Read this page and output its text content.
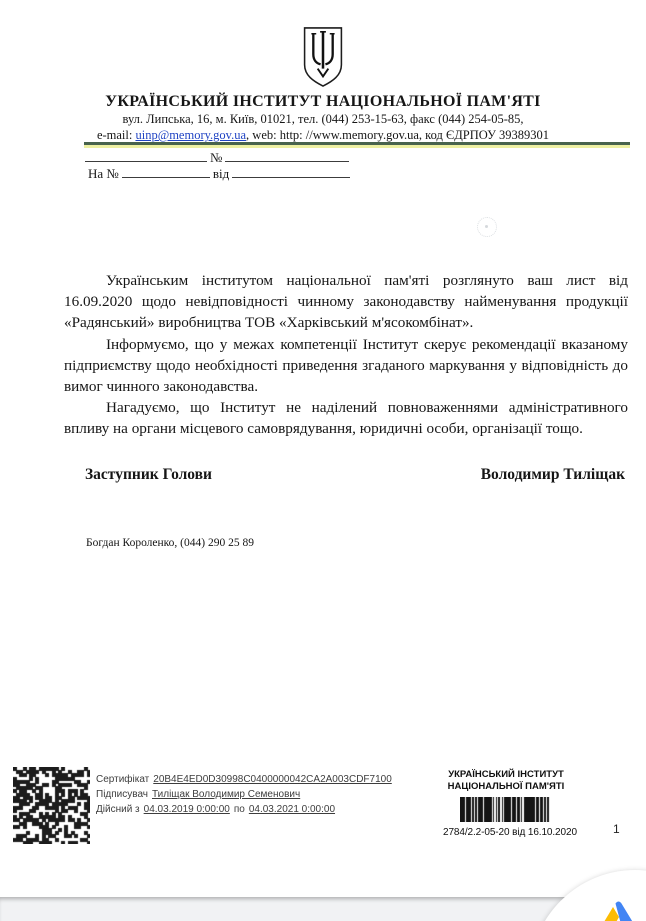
УКРАЇНСЬКИЙ ІНСТИТУТ НАЦІОНАЛЬНОЇ ПАМ'ЯТІ

вул. Липська, 16, м. Київ, 01021, тел. (044) 253-15-63, факс (044) 254-05-85,

e-mail: uinp@memory.gov.ua, web: http: //www.memory.gov.ua, код ЄДРПОУ 39389301

№
На №	від

Українським інститутом національної пам'яті розглянуто ваш лист від 16.09.2020 щодо невідповідності чинному законодавству найменування продукції «Радянський» виробництва ТОВ «Харківський м'ясокомбінат».

Інформуємо, що у межах компетенції Інститут скерує рекомендації вказаному підприємству щодо необхідності приведення згаданого маркування у відповідність до вимог чинного законодавства.

Нагадуємо, що Інститут не наділений повноваженнями адміністративного впливу на органи місцевого самоврядування, юридичні особи, організації тощо.

Заступник Голови	Володимир Тиліщак
Богдан Короленко, (044) 290 25 89
Сертифікат 20B4E4ED0D30998C0400000042CA2A003CDF7100
Підписувач Тиліщак Володимир Семенович
Дійсний з 04.03.2019 0:00:00 по 04.03.2021 0:00:00
УКРАЇНСЬКИЙ ІНСТИТУТ
НАЦІОНАЛЬНОЇ ПАМ'ЯТІ
2784/2.2-05-20 від 16.10.2020	1
